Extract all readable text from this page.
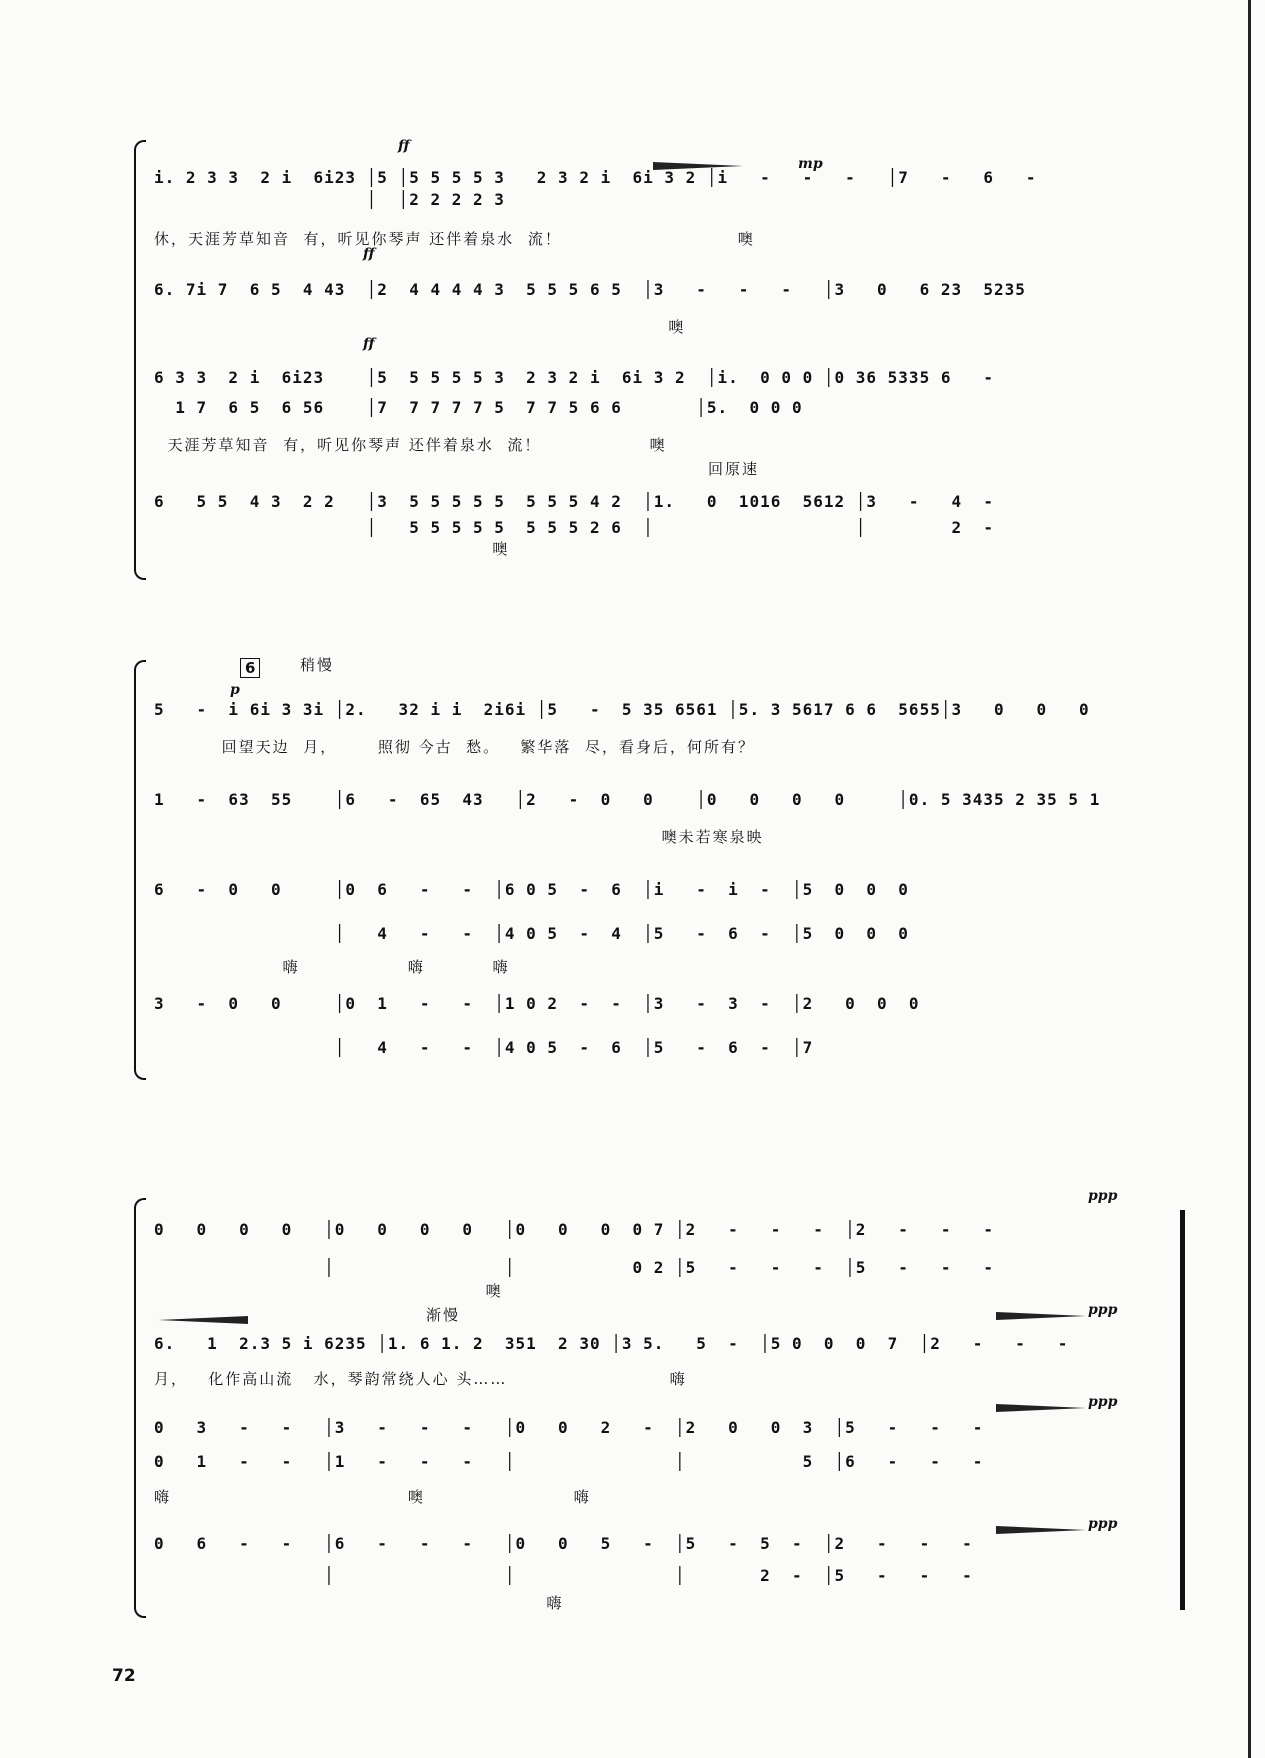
ff
mp
i. 2 3 3  2 i  6i23 │5 │5 5 5 5 3   2 3 2 i  6i 3 2 │i   -   -   -   │7   -   6   -
│  │2 2 2 2 3
休，天涯芳草知音  有，听见你琴声 还伴着泉水  流！                          噢
6. 7i 7  6 5  4 43  │2  4 4 4 4 3  5 5 5 6 5  │3   -   -   -   │3   0   6 23  5235
ff
噢
ff
6 3 3  2 i  6i23    │5  5 5 5 5 3  2 3 2 i  6i 3 2  │i.  0 0 0 │0 36 5335 6   -
1 7  6 5  6 56    │7  7 7 7 7 5  7 7 5 6 6       │5.  0 0 0
天涯芳草知音  有，听见你琴声 还伴着泉水  流！                噢
回原速
6   5 5  4 3  2 2   │3  5 5 5 5 5  5 5 5 4 2  │1.   0  1016  5612 │3   -   4  -
│   5 5 5 5 5  5 5 5 2 6  │                   │        2  -
噢
6	稍慢
p
5   -  i 6i 3 3i │2.   32 i i  2i6i │5   -  5 35 6561 │5. 3 5617 6 6  5655│3   0   0   0
回望天边  月，      照彻 今古  愁。   繁华落  尽，看身后，何所有？
1   -  63  55    │6   -  65  43   │2   -  0   0    │0   0   0   0     │0. 5 3435 2 35 5 1
噢未若寒泉映
6   -  0   0     │0  6   -   -  │6 0 5  -  6  │i   -  i  -  │5  0  0  0
│   4   -   -  │4 0 5  -  4  │5   -  6  -  │5  0  0  0
嗨                嗨          嗨
3   -  0   0     │0  1   -   -  │1 0 2  -  -  │3   -  3  -  │2   0  0  0
│   4   -   -  │4 0 5  -  6  │5   -  6  -  │7
ppp
0   0   0   0   │0   0   0   0   │0   0   0  0 7 │2   -   -   -  │2   -   -   -
│                │           0 2 │5   -   -   -  │5   -   -   -
噢
渐慢	ppp
6.   1  2.3 5 i 6235 │1. 6 1. 2  351  2 30 │3 5.   5  -  │5 0  0  0  7  │2   -   -   -
月，   化作高山流   水，琴韵常绕人心 头……                        嗨
ppp
0   3   -   -   │3   -   -   -   │0   0   2   -  │2   0   0  3  │5   -   -   -
0   1   -   -   │1   -   -   -   │               │           5  │6   -   -   -
嗨                                   噢                      嗨
ppp
0   6   -   -   │6   -   -   -   │0   0   5   -  │5   -  5  -  │2   -   -   -
│                │               │       2  -  │5   -   -   -
嗨
72
